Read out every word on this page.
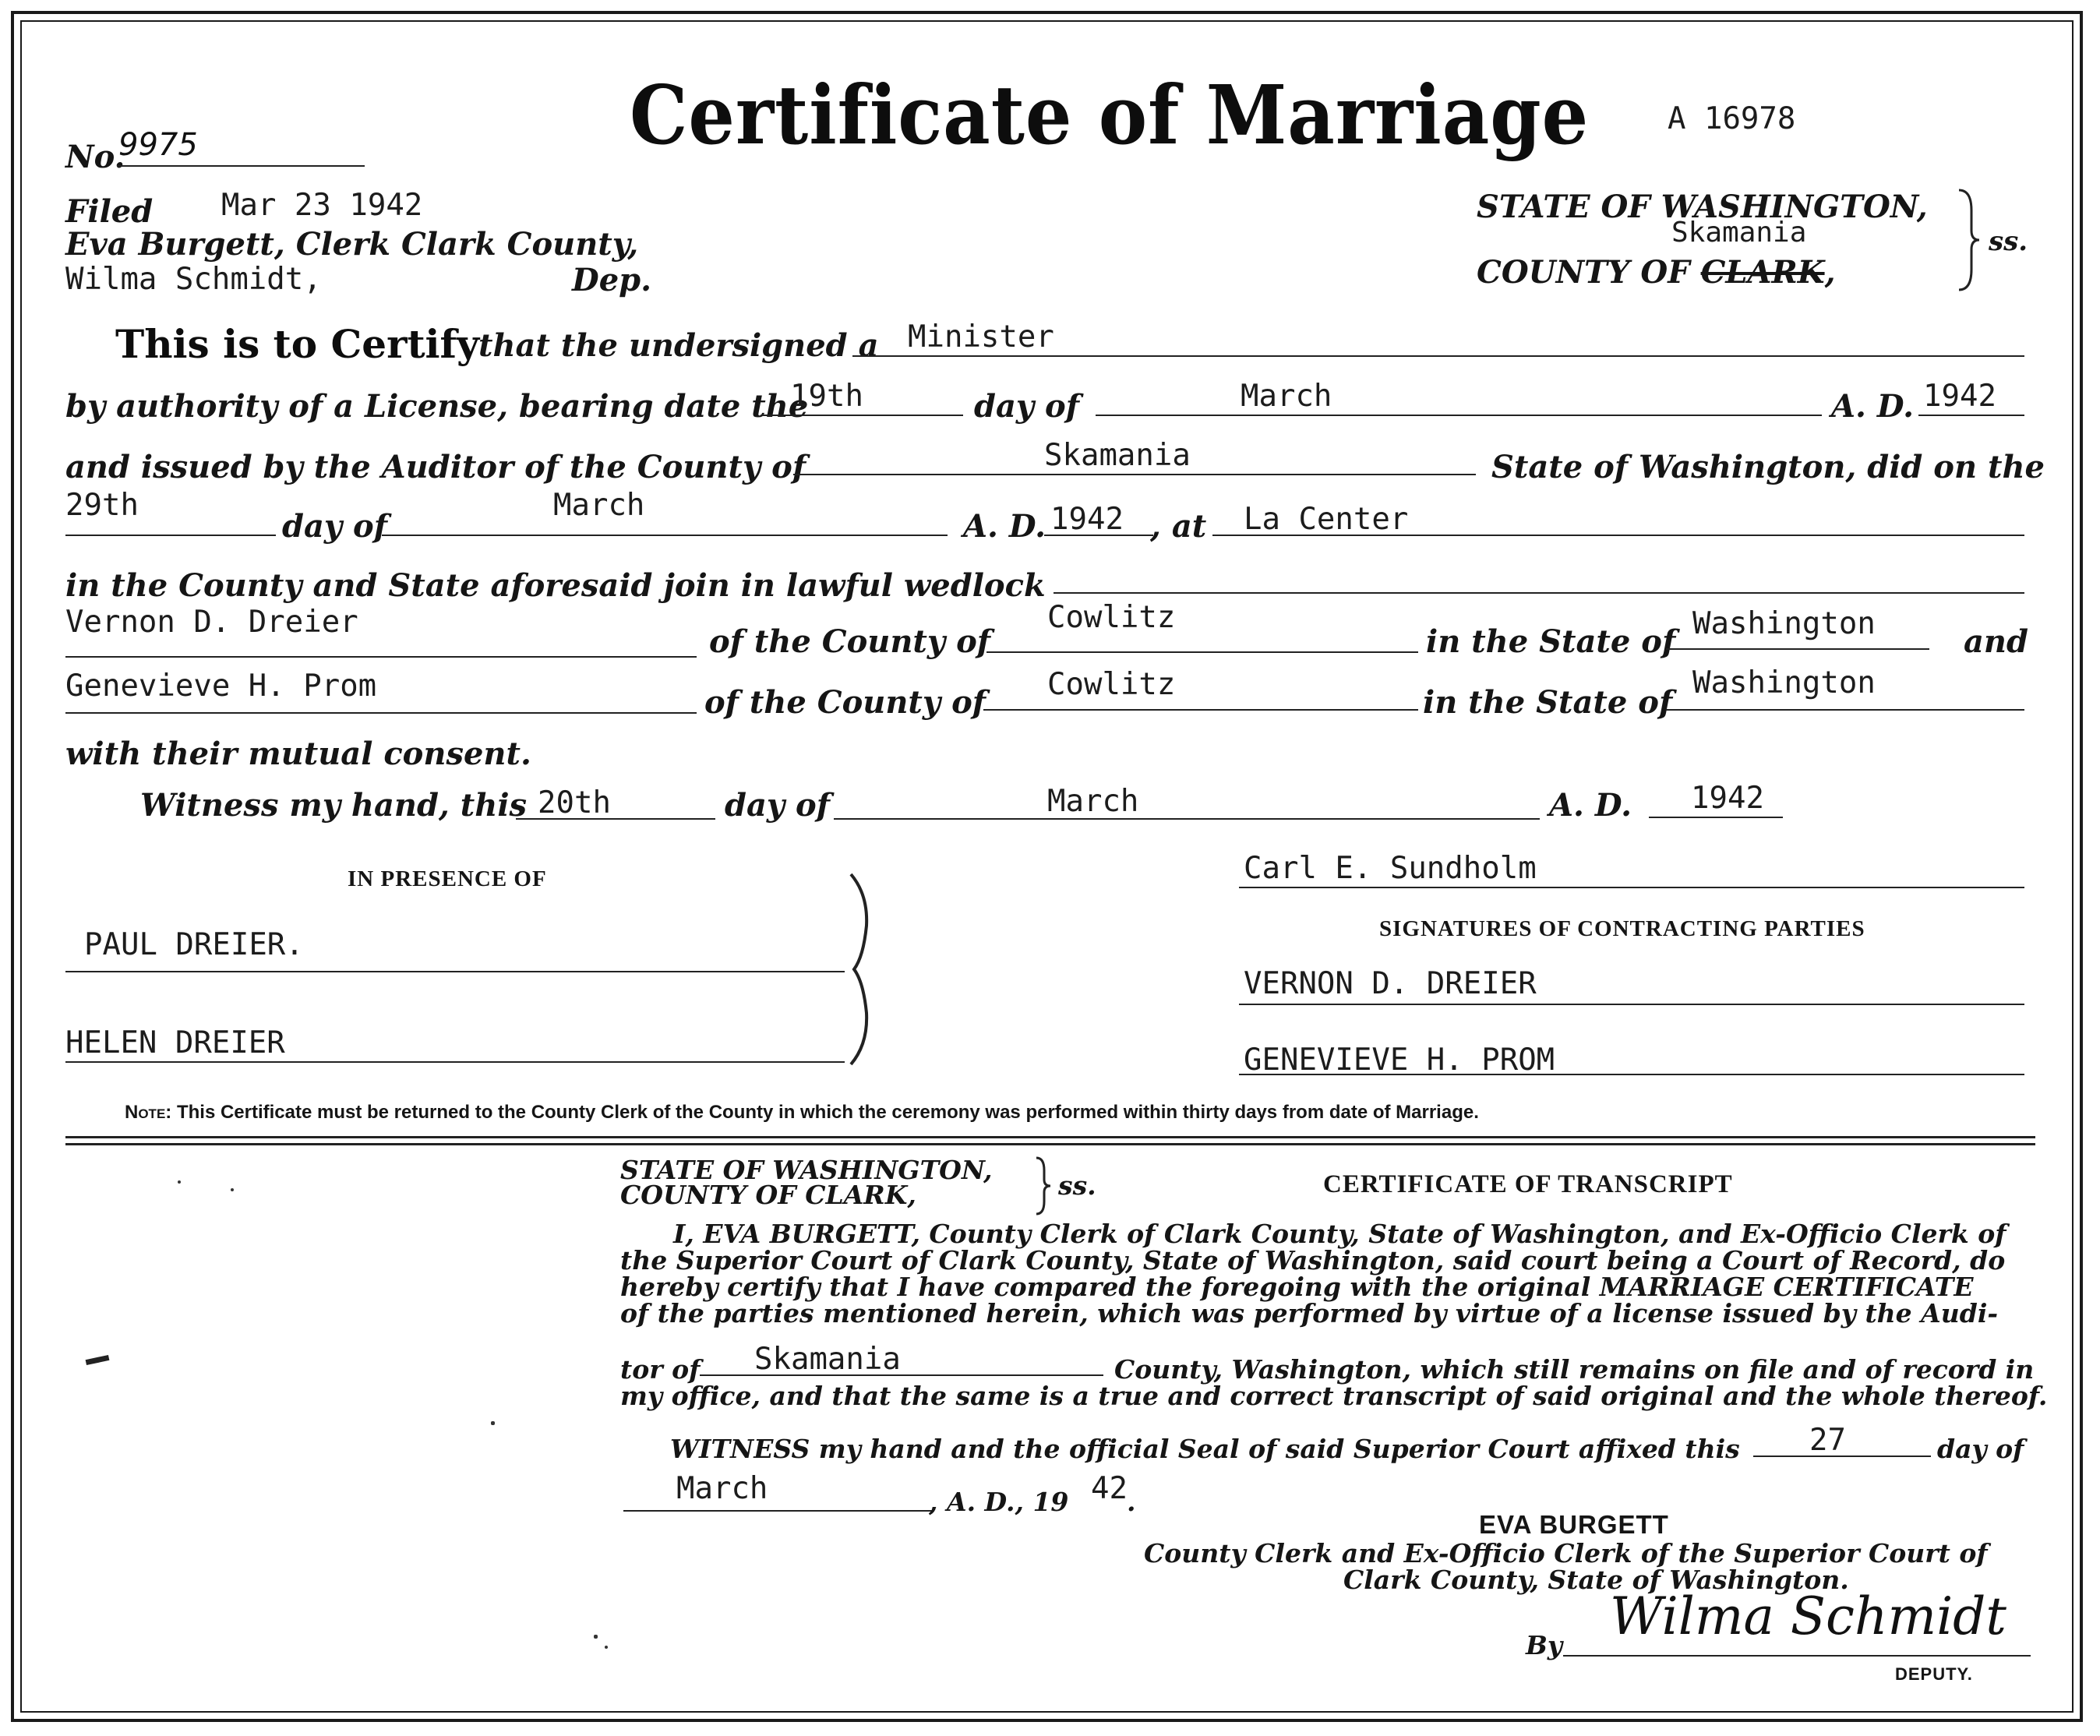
No.
9975	Certificate of Marriage	A 16978
Filed Mar 23 1942
Eva Burgett, Clerk Clark County,
Wilma Schmidt,	Dep.
STATE OF WASHINGTON,
Skamania
COUNTY OF CLARK,
ss.
This is to Certify
that the undersigned a Minister
by authority of a License, bearing date the
19th	day of	March	A. D. 1942
and issued by the Auditor of the County of	Skamania	State of Washington, did on the
29th
day of
March
A. D. 1942 , at La Center
in the County and State aforesaid join in lawful wedlock
Vernon D. Dreier
of the County of
Cowlitz
in the State of Washington	and
Genevieve H. Prom	of the County of Cowlitz	in the State of
Washington
with their mutual consent.
Witness my hand, this 20th	day of	March	A. D. 1942
IN PRESENCE OF
PAUL DREIER.
HELEN DREIER
Carl E. Sundholm
SIGNATURES OF CONTRACTING PARTIES
VERNON D. DREIER
GENEVIEVE H. PROM
Note: This Certificate must be returned to the County Clerk of the County in which the ceremony was performed within thirty days from date of Marriage.
STATE OF WASHINGTON,
COUNTY OF CLARK,	ss.	CERTIFICATE OF TRANSCRIPT
I, EVA BURGETT, County Clerk of Clark County, State of Washington, and Ex-Officio Clerk of
the Superior Court of Clark County, State of Washington, said court being a Court of Record, do
hereby certify that I have compared the foregoing with the original MARRIAGE CERTIFICATE
of the parties mentioned herein, which was performed by virtue of a license issued by the Audi-
tor of Skamania	County, Washington, which still remains on file and of record in
my office, and that the same is a true and correct transcript of said original and the whole thereof.
WITNESS my hand and the official Seal of said Superior Court affixed this 27	day of
March	, A. D., 19 42 .
EVA BURGETT
County Clerk and Ex-Officio Clerk of the Superior Court of
Clark County, State of Washington.
By Wilma Schmidt
DEPUTY.
